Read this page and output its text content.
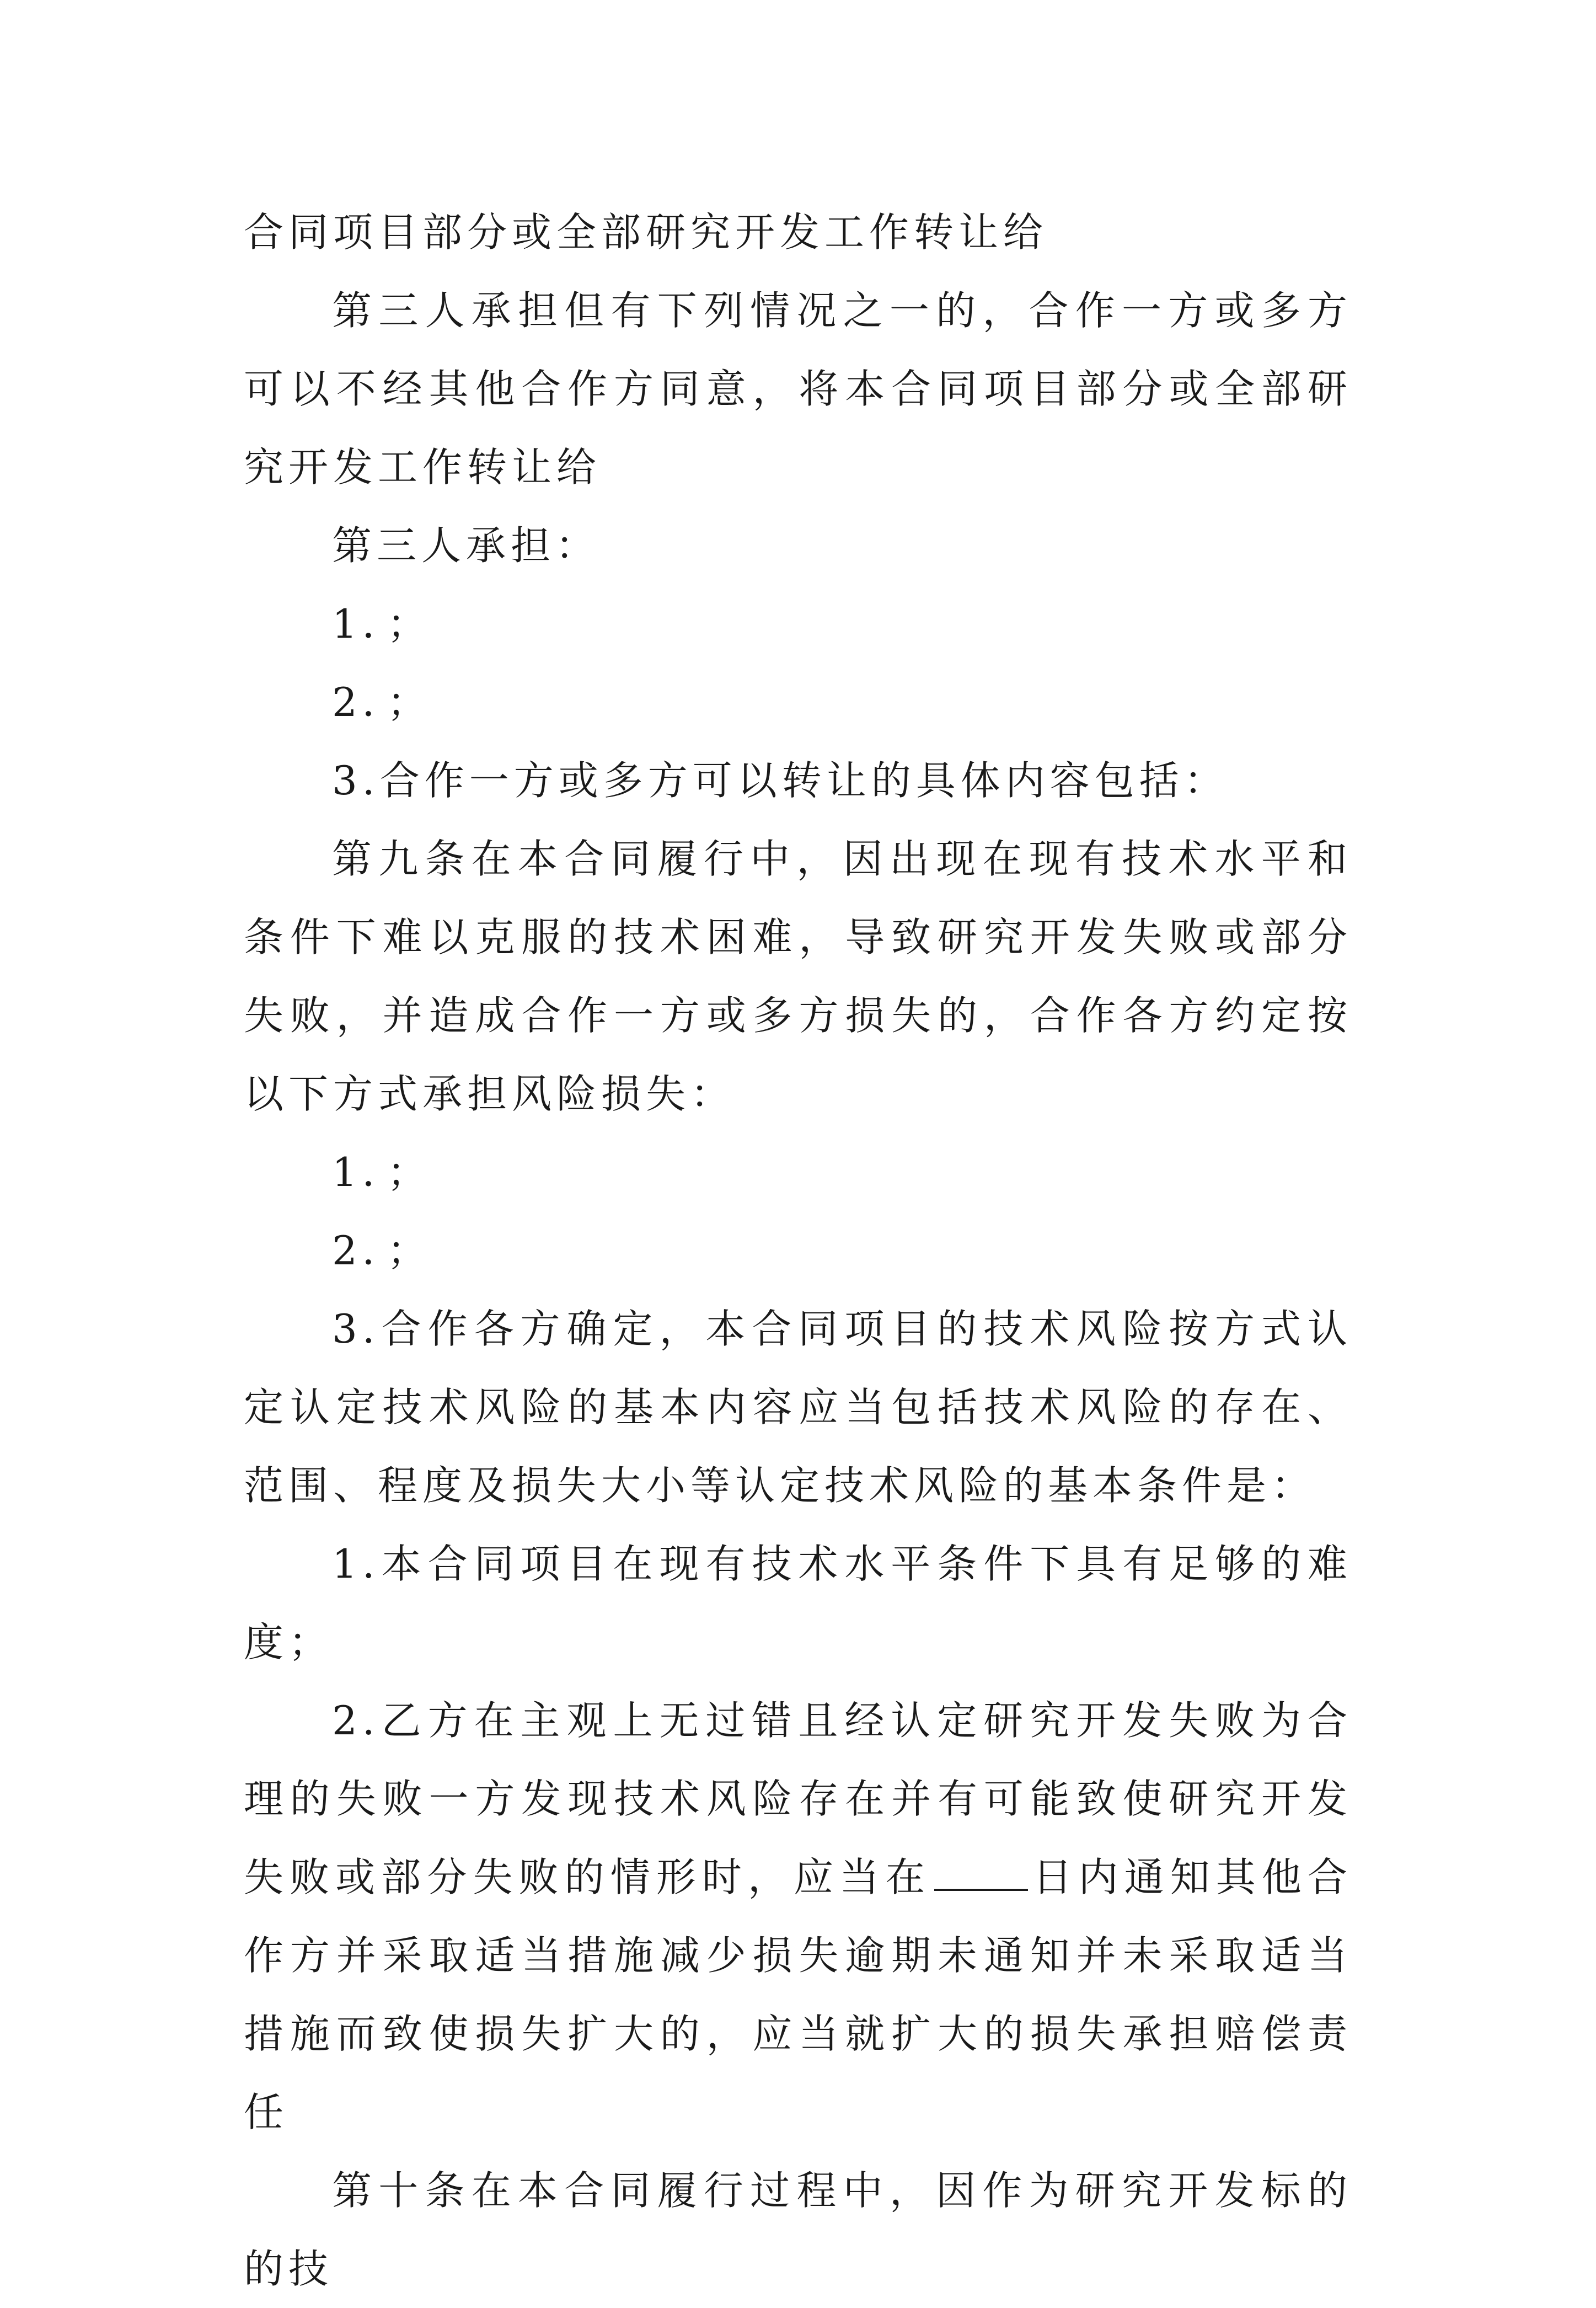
合同项目部分或全部研究开发工作转让给

第三人承担但有下列情况之一的，合作一方或多方可以不经其他合作方同意，将本合同项目部分或全部研究开发工作转让给

第三人承担：

1．；

2．；

3.合作一方或多方可以转让的具体内容包括：

第九条在本合同履行中，因出现在现有技术水平和条件下难以克服的技术困难，导致研究开发失败或部分失败，并造成合作一方或多方损失的，合作各方约定按以下方式承担风险损失：

1．；

2．；

3.合作各方确定，本合同项目的技术风险按方式认定认定技术风险的基本内容应当包括技术风险的存在、范围、程度及损失大小等认定技术风险的基本条件是：

1.本合同项目在现有技术水平条件下具有足够的难度；

2.乙方在主观上无过错且经认定研究开发失败为合理的失败一方发现技术风险存在并有可能致使研究开发失败或部分失败的情形时，应当在	日内通知其他合作方并采取适当措施减少损失逾期未通知并未采取适当措施而致使损失扩大的，应当就扩大的损失承担赔偿责任

第十条在本合同履行过程中，因作为研究开发标的的技
